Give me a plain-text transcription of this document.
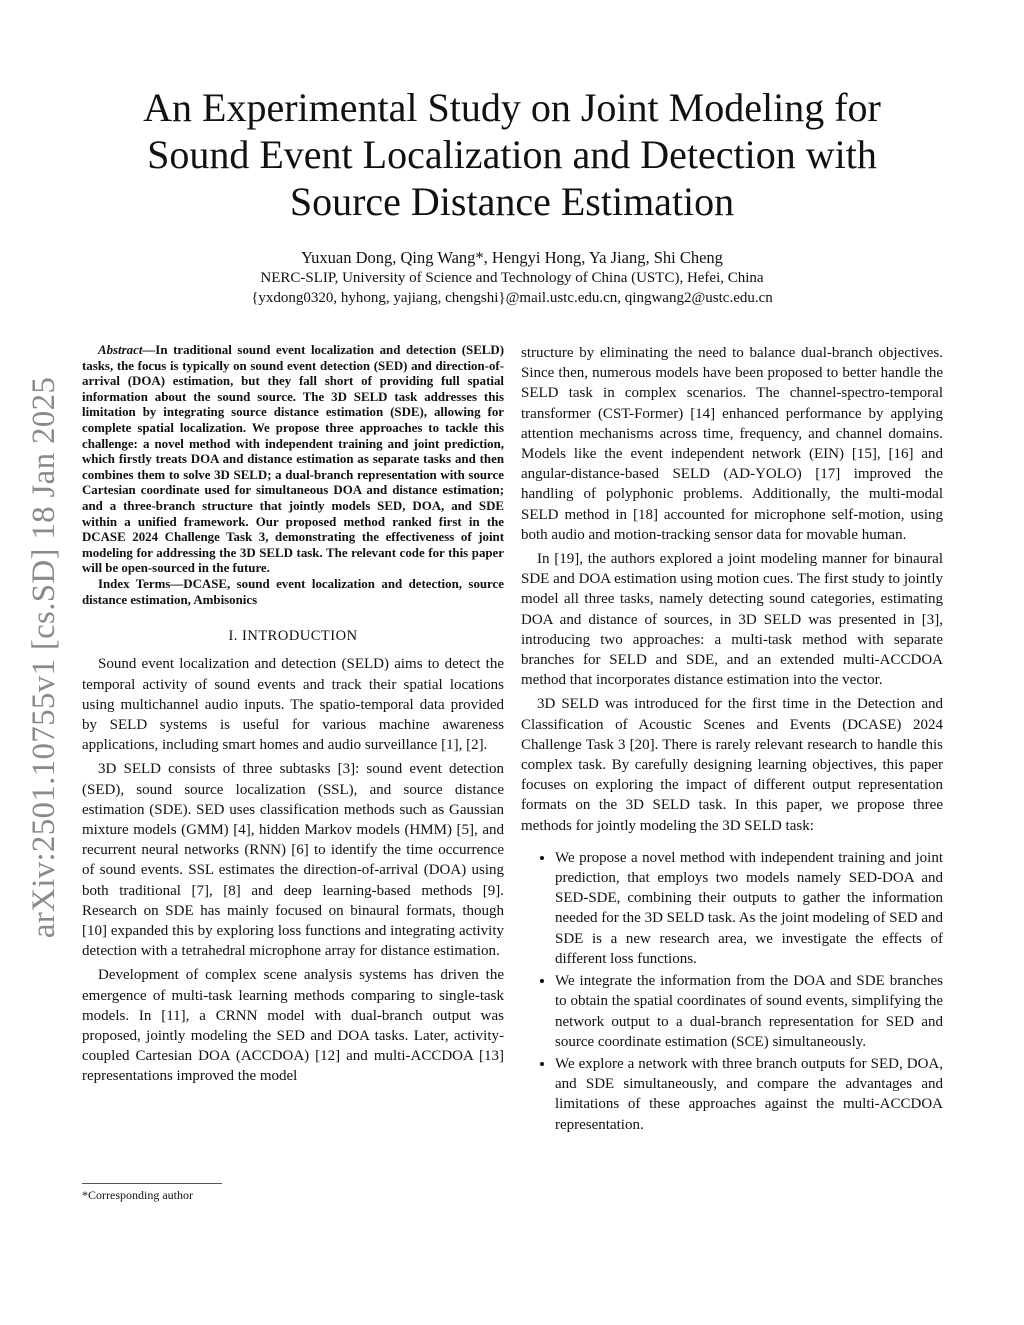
arXiv:2501.10755v1 [cs.SD] 18 Jan 2025
An Experimental Study on Joint Modeling for Sound Event Localization and Detection with Source Distance Estimation
Yuxuan Dong, Qing Wang*, Hengyi Hong, Ya Jiang, Shi Cheng
NERC-SLIP, University of Science and Technology of China (USTC), Hefei, China
{yxdong0320, hyhong, yajiang, chengshi}@mail.ustc.edu.cn, qingwang2@ustc.edu.cn

Abstract—In traditional sound event localization and detection (SELD) tasks, the focus is typically on sound event detection (SED) and direction-of-arrival (DOA) estimation, but they fall short of providing full spatial information about the sound source. The 3D SELD task addresses this limitation by integrating source distance estimation (SDE), allowing for complete spatial localization. We propose three approaches to tackle this challenge: a novel method with independent training and joint prediction, which firstly treats DOA and distance estimation as separate tasks and then combines them to solve 3D SELD; a dual-branch representation with source Cartesian coordinate used for simultaneous DOA and distance estimation; and a three-branch structure that jointly models SED, DOA, and SDE within a unified framework. Our proposed method ranked first in the DCASE 2024 Challenge Task 3, demonstrating the effectiveness of joint modeling for addressing the 3D SELD task. The relevant code for this paper will be open-sourced in the future.

Index Terms—DCASE, sound event localization and detection, source distance estimation, Ambisonics

I. INTRODUCTION

Sound event localization and detection (SELD) aims to detect the temporal activity of sound events and track their spatial locations using multichannel audio inputs. The spatio-temporal data provided by SELD systems is useful for various machine awareness applications, including smart homes and audio surveillance [1], [2].

3D SELD consists of three subtasks [3]: sound event detection (SED), sound source localization (SSL), and source distance estimation (SDE). SED uses classification methods such as Gaussian mixture models (GMM) [4], hidden Markov models (HMM) [5], and recurrent neural networks (RNN) [6] to identify the time occurrence of sound events. SSL estimates the direction-of-arrival (DOA) using both traditional [7], [8] and deep learning-based methods [9]. Research on SDE has mainly focused on binaural formats, though [10] expanded this by exploring loss functions and integrating activity detection with a tetrahedral microphone array for distance estimation.

Development of complex scene analysis systems has driven the emergence of multi-task learning methods comparing to single-task models. In [11], a CRNN model with dual-branch output was proposed, jointly modeling the SED and DOA tasks. Later, activity-coupled Cartesian DOA (ACCDOA) [12] and multi-ACCDOA [13] representations improved the model

*Corresponding author

structure by eliminating the need to balance dual-branch objectives. Since then, numerous models have been proposed to better handle the SELD task in complex scenarios. The channel-spectro-temporal transformer (CST-Former) [14] enhanced performance by applying attention mechanisms across time, frequency, and channel domains. Models like the event independent network (EIN) [15], [16] and angular-distance-based SELD (AD-YOLO) [17] improved the handling of polyphonic problems. Additionally, the multi-modal SELD method in [18] accounted for microphone self-motion, using both audio and motion-tracking sensor data for movable human.

In [19], the authors explored a joint modeling manner for binaural SDE and DOA estimation using motion cues. The first study to jointly model all three tasks, namely detecting sound categories, estimating DOA and distance of sources, in 3D SELD was presented in [3], introducing two approaches: a multi-task method with separate branches for SELD and SDE, and an extended multi-ACCDOA method that incorporates distance estimation into the vector.

3D SELD was introduced for the first time in the Detection and Classification of Acoustic Scenes and Events (DCASE) 2024 Challenge Task 3 [20]. There is rarely relevant research to handle this complex task. By carefully designing learning objectives, this paper focuses on exploring the impact of different output representation formats on the 3D SELD task. In this paper, we propose three methods for jointly modeling the 3D SELD task:

• We propose a novel method with independent training and joint prediction, that employs two models namely SED-DOA and SED-SDE, combining their outputs to gather the information needed for the 3D SELD task. As the joint modeling of SED and SDE is a new research area, we investigate the effects of different loss functions.
• We integrate the information from the DOA and SDE branches to obtain the spatial coordinates of sound events, simplifying the network output to a dual-branch representation for SED and source coordinate estimation (SCE) simultaneously.
• We explore a network with three branch outputs for SED, DOA, and SDE simultaneously, and compare the advantages and limitations of these approaches against the multi-ACCDOA representation.
